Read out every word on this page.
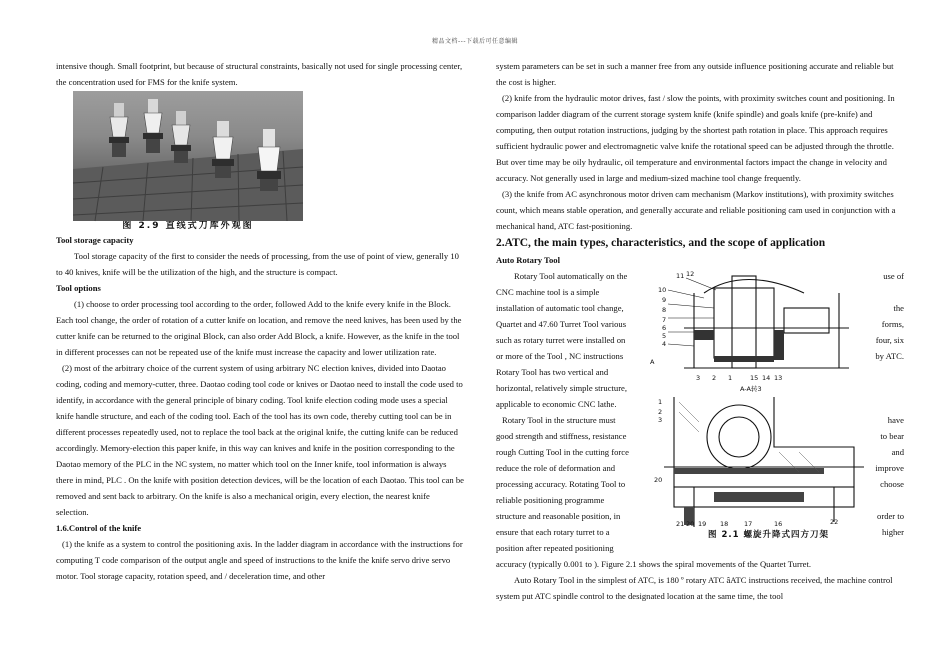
精品文档---下载后可任意编辑

intensive though. Small footprint, but because of structural constraints, basically not used for single processing center, the concentration used for FMS for the knife system.

图 2.9 直线式刀库外观图

Tool storage capacity

Tool storage capacity of the first to consider the needs of processing, from the use of point of view, generally 10 to 40 knives, knife will be the utilization of the high, and the structure is compact.

Tool options

(1) choose to order processing tool according to the order, followed Add to the knife every knife in the Block. Each tool change, the order of rotation of a cutter knife on location, and remove the need knives, has been used by the cutter knife can be returned to the original Block, can also order Add Block, a knife. However, as the knife in the tool in different processes can not be repeated use of the knife must increase the capacity and lower utilization rate.

(2) most of the arbitrary choice of the current system of using arbitrary NC election knives, divided into Daotao coding, coding and memory-cutter, three. Daotao coding tool code or knives or Daotao need to install the code used to identify, in accordance with the general principle of binary coding. Tool knife election coding mode uses a special knife handle structure, and each of the coding tool. Each of the tool has its own code, thereby cutting tool can be in different processes repeatedly used, not to replace the tool back at the original knife, the cutting knife can be reduced accordingly. Memory-election this paper knife, in this way can knives and knife in the position corresponding to the Daotao memory of the PLC in the NC system, no matter which tool on the Inner knife, tool information is always there in mind, PLC . On the knife with position detection devices, will be the location of each Daotao. This tool can be removed and sent back to arbitrary. On the knife is also a mechanical origin, every election, the nearest knife selection.

1.6.Control of the knife

(1) the knife as a system to control the positioning axis. In the ladder diagram in accordance with the instructions for computing T code comparison of the output angle and speed of instructions to the knife the knife servo drive servo motor. Tool storage capacity, rotation speed, and / deceleration time, and other

system parameters can be set in such a manner free from any outside influence positioning accurate and reliable but the cost is higher.

(2) knife from the hydraulic motor drives, fast / slow the points, with proximity switches count and positioning. In comparison ladder diagram of the current storage system knife (knife spindle) and goals knife (pre-knife) and computing, then output rotation instructions, judging by the shortest path rotation in place. This approach requires sufficient hydraulic power and electromagnetic valve knife the rotational speed can be adjusted through the throttle. But over time may be oily hydraulic, oil temperature and environmental factors impact the change in velocity and accuracy. Not generally used in large and medium-sized machine tool change frequently.

(3) the knife from AC asynchronous motor driven cam mechanism (Markov institutions), with proximity switches count, which means stable operation, and generally accurate and reliable positioning cam used in conjunction with a mechanical hand, ATC fast-positioning.

2.ATC, the main types, characteristics, and the scope of application

Auto Rotary Tool

Rotary Tool automatically on the	use of
CNC machine tool is a simple
installation of automatic tool change,	the
Quartet and 47.60 Turret Tool various	forms,
such as rotary turret were installed on	four, six
or more of the Tool , NC instructions	by ATC.
Rotary Tool has two vertical and
horizontal, relatively simple structure,
applicable to economic CNC lathe.
Rotary Tool in the structure must	have
good strength and stiffness, resistance	to bear
rough Cutting Tool in the cutting force	and
reduce the role of deformation and	improve
processing accuracy. Rotating Tool to	choose
reliable positioning programme
structure and reasonable position, in	order to
ensure that each rotary turret to a	higher
position after repeated positioning
11 12
10
9
8
7
6
5
4
A
3 2 1	15 14 13
A-A转3
1
2
3
20
21 20 19 18 17	16	22
图 2.1 螺旋升降式四方刀架

accuracy (typically 0.001 to ). Figure 2.1 shows the spiral movements of the Quartet Turret.

Auto Rotary Tool in the simplest of ATC, is 180 º rotary ATC âATC instructions received, the machine control system put ATC spindle control to the designated location at the same time, the tool
